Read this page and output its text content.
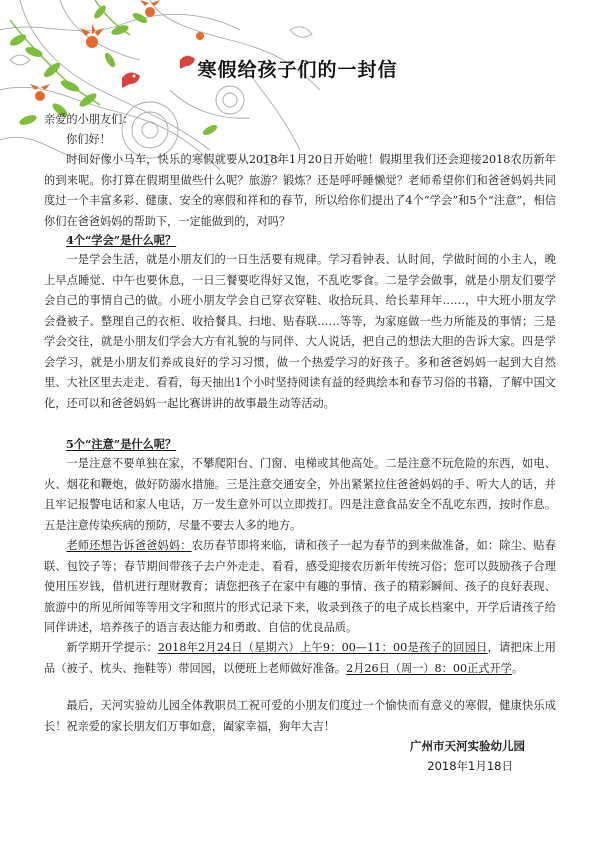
寒假给孩子们的一封信

亲爱的小朋友们：

你们好！

时间好像小马车，快乐的寒假就要从2018年1月20日开始啦！假期里我们还会迎接2018农历新年的到来呢。你打算在假期里做些什么呢？旅游？锻炼？还是呼呼睡懒觉？老师希望你们和爸爸妈妈共同度过一个丰富多彩、健康、安全的寒假和祥和的春节，所以给你们提出了4个“学会”和5个“注意”，相信你们在爸爸妈妈的帮助下，一定能做到的，对吗？

4个“学会”是什么呢？

一是学会生活，就是小朋友们的一日生活要有规律。学习看钟表、认时间，学做时间的小主人，晚上早点睡觉、中午也要休息，一日三餐要吃得好又饱，不乱吃零食。二是学会做事，就是小朋友们要学会自己的事情自己的做。小班小朋友学会自己穿衣穿鞋、收拾玩具、给长辈拜年……，中大班小朋友学会叠被子、整理自己的衣柜、收拾餐具、扫地、贴春联……等等，为家庭做一些力所能及的事情；三是学会交往，就是小朋友们学会大方有礼貌的与同伴、大人说话，把自己的想法大胆的告诉大家。四是学会学习，就是小朋友们养成良好的学习习惯，做一个热爱学习的好孩子。多和爸爸妈妈一起到大自然里、大社区里去走走、看看，每天抽出1个小时坚持阅读有益的经典绘本和春节习俗的书籍，了解中国文化，还可以和爸爸妈妈一起比赛讲讲的故事最生动等活动。

5个“注意”是什么呢？

一是注意不要单独在家，不攀爬阳台、门窗、电梯或其他高处。二是注意不玩危险的东西，如电、火、烟花和鞭炮，做好防溺水措施。三是注意交通安全，外出紧紧拉住爸爸妈妈的手、听大人的话，并且牢记报警电话和家人电话，万一发生意外可以立即拨打。四是注意食品安全不乱吃东西，按时作息。五是注意传染疾病的预防，尽量不要去人多的地方。

老师还想告诉爸爸妈妈：农历春节即将来临，请和孩子一起为春节的到来做准备，如：除尘、贴春联、包饺子等；春节期间带孩子去户外走走、看看，感受迎接农历新年传统习俗；您可以鼓励孩子合理使用压岁钱，借机进行理财教育；请您把孩子在家中有趣的事情、孩子的精彩瞬间、孩子的良好表现、旅游中的所见所闻等等用文字和照片的形式记录下来，收录到孩子的电子成长档案中，开学后请孩子给同伴讲述，培养孩子的语言表达能力和勇敢、自信的优良品质。

新学期开学提示：2018年2月24日（星期六）上午9：00—11：00是孩子的回园日，请把床上用品（被子、枕头、拖鞋等）带回园，以便班上老师做好准备。2月26日（周一）8：00正式开学。

最后，天河实验幼儿园全体教职员工祝可爱的小朋友们度过一个愉快而有意义的寒假，健康快乐成长！祝亲爱的家长朋友们万事如意，阖家幸福，狗年大吉！

广州市天河实验幼儿园
2018年1月18日
